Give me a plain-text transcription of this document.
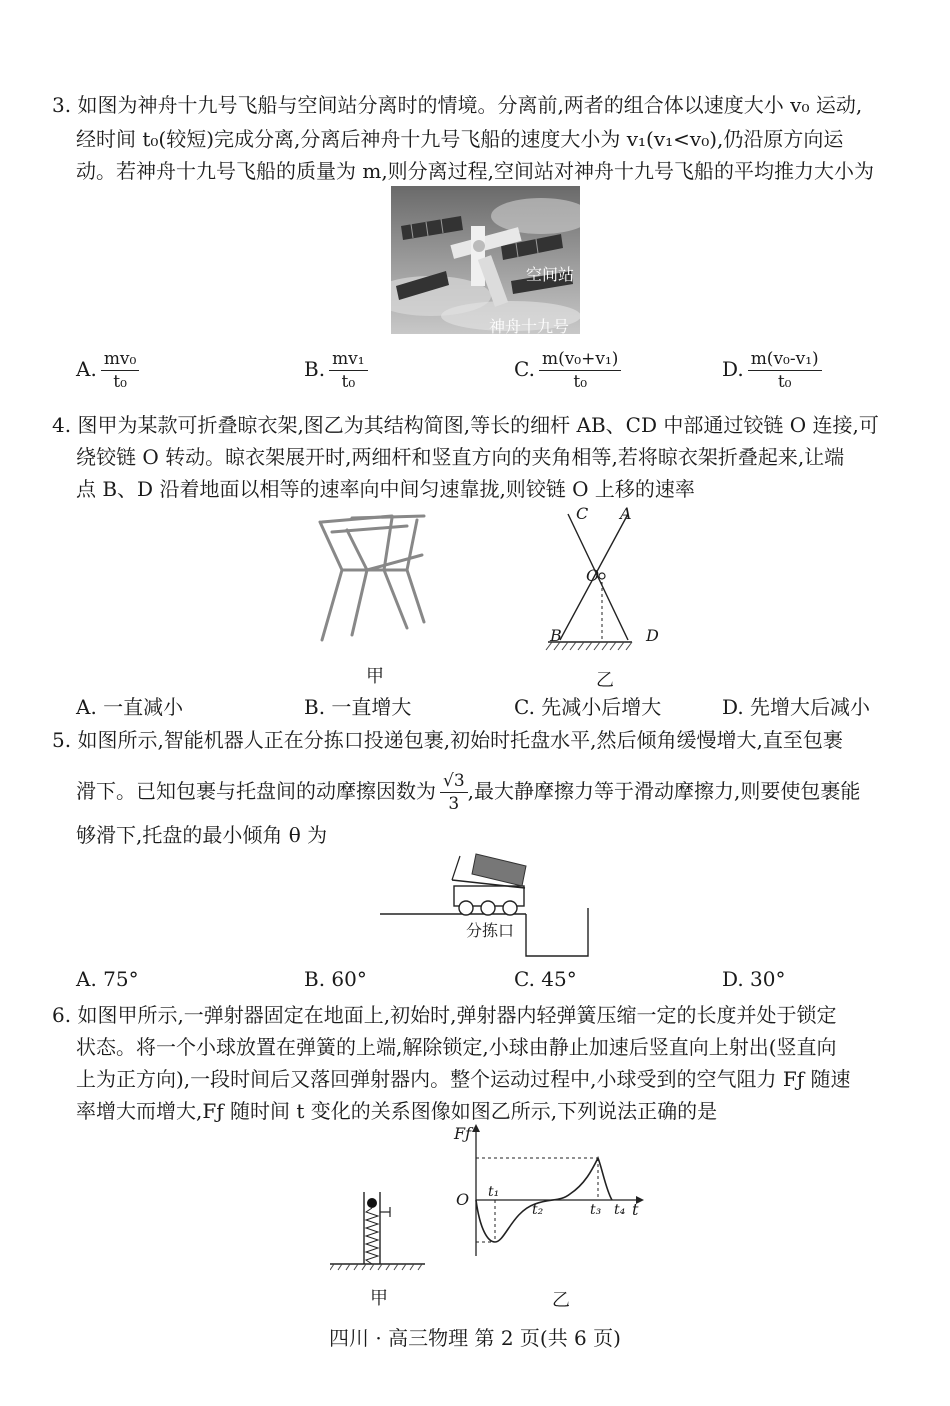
3. 如图为神舟十九号飞船与空间站分离时的情境。分离前,两者的组合体以速度大小 v₀ 运动,
经时间 t₀(较短)完成分离,分离后神舟十九号飞船的速度大小为 v₁(v₁<v₀),仍沿原方向运
动。若神舟十九号飞船的质量为 m,则分离过程,空间站对神舟十九号飞船的平均推力大小为
空间站
神舟十九号
A. $\frac{\text{mv₀}}{\text{t₀}}$	B. $\frac{\text{mv₁}}{\text{t₀}}$	C. $\frac{\text{m(v₀+v₁)}}{\text{t₀}}$	D. $\frac{\text{m(v₀-v₁)}}{\text{t₀}}$
4. 图甲为某款可折叠晾衣架,图乙为其结构简图,等长的细杆 AB、CD 中部通过铰链 O 连接,可
绕铰链 O 转动。晾衣架展开时,两细杆和竖直方向的夹角相等,若将晾衣架折叠起来,让端
点 B、D 沿着地面以相等的速率向中间匀速靠拢,则铰链 O 上移的速率
甲
C A
O
B	D
乙
A. 一直减小	B. 一直增大	C. 先减小后增大	D. 先增大后减小
5. 如图所示,智能机器人正在分拣口投递包裹,初始时托盘水平,然后倾角缓慢增大,直至包裹
滑下。已知包裹与托盘间的动摩擦因数为 $\frac{√3}{3}$ ,最大静摩擦力等于滑动摩擦力,则要使包裹能
够滑下,托盘的最小倾角 θ 为
分拣口
A. 75°	B. 60°	C. 45°	D. 30°
6. 如图甲所示,一弹射器固定在地面上,初始时,弹射器内轻弹簧压缩一定的长度并处于锁定
状态。将一个小球放置在弹簧的上端,解除锁定,小球由静止加速后竖直向上射出(竖直向
上为正方向),一段时间后又落回弹射器内。整个运动过程中,小球受到的空气阻力 Fƒ 随速
率增大而增大,Fƒ 随时间 t 变化的关系图像如图乙所示,下列说法正确的是
甲
Fƒ
O
t
t₁
t₂	t₃ t₄
乙
四川 · 高三物理 第 2 页(共 6 页)
